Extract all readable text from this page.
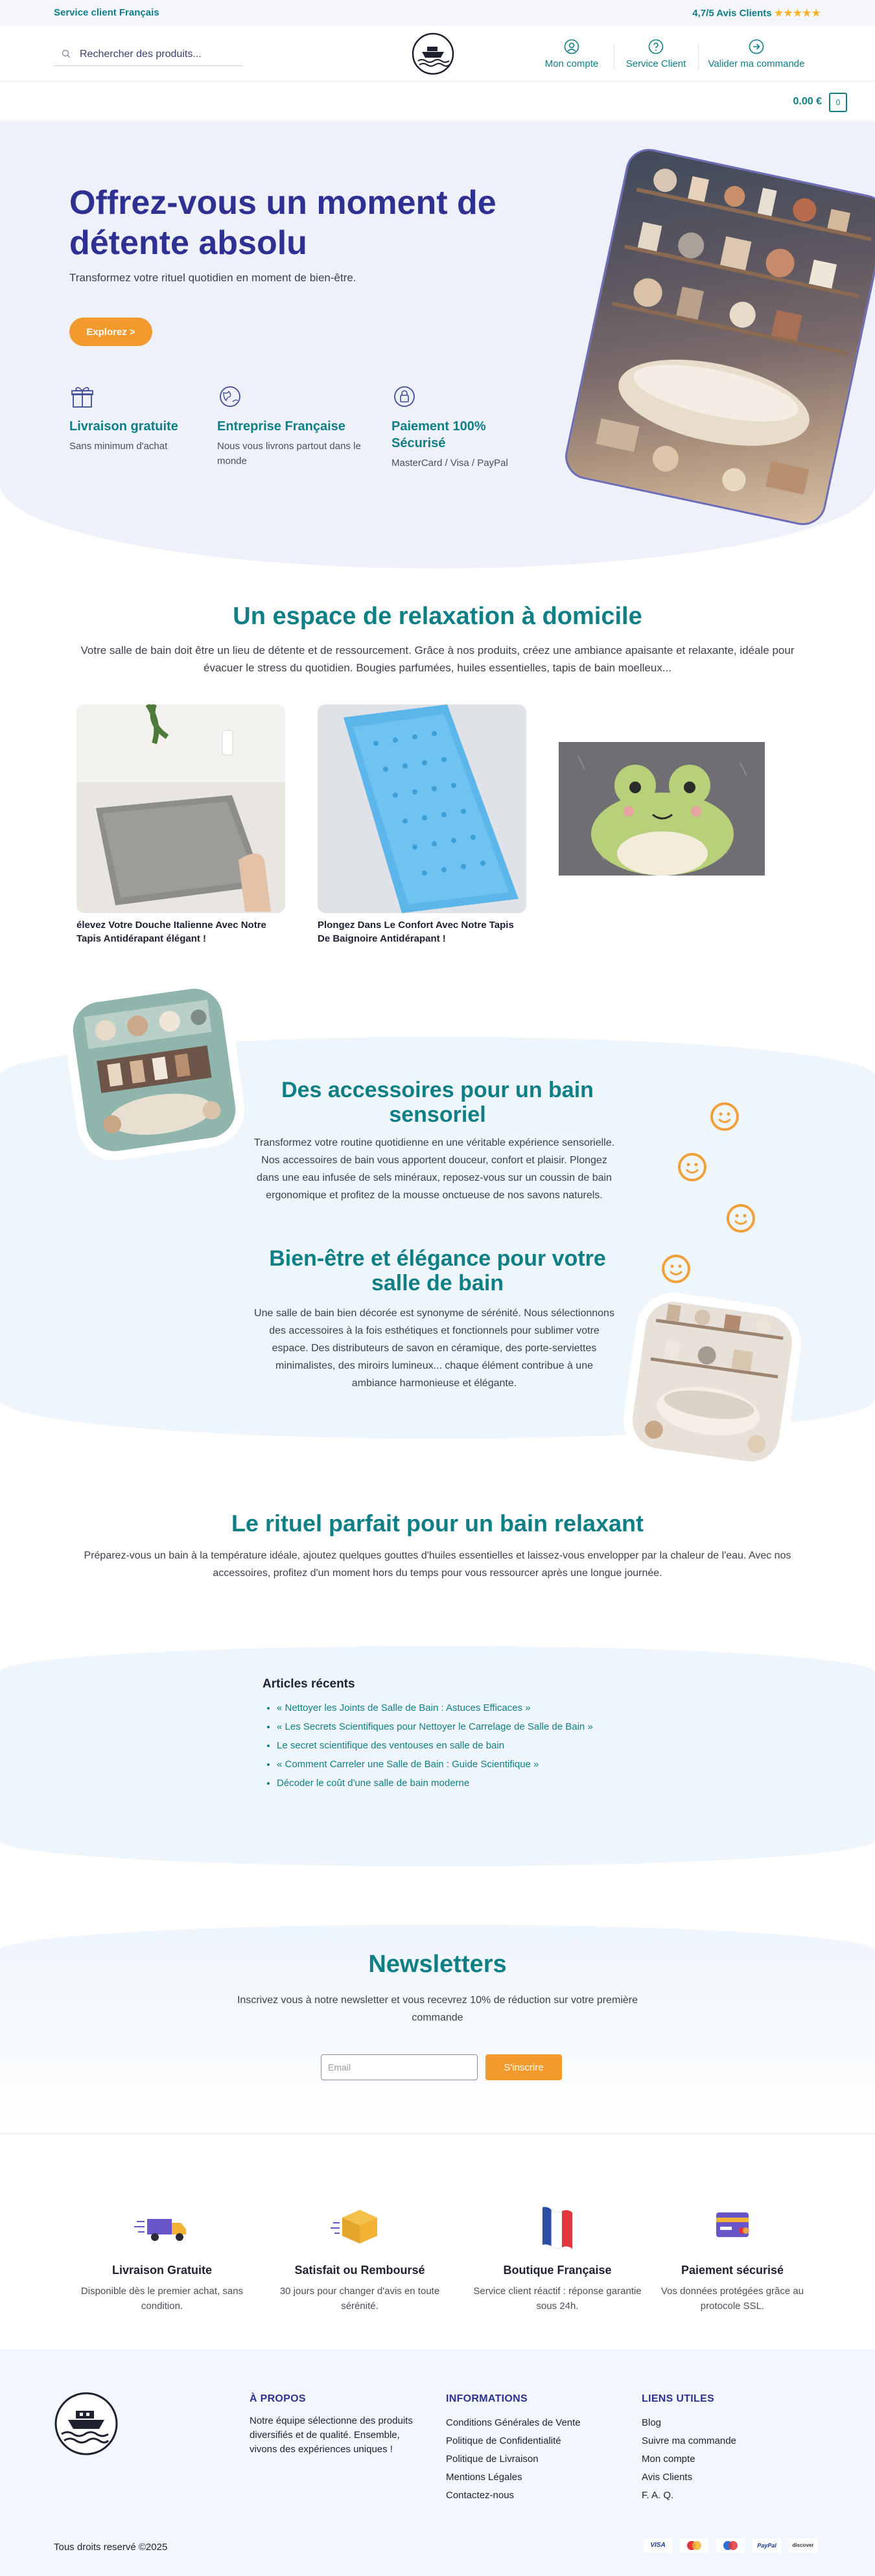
Service client Français	4,7/5 Avis Clients ★★★★★
Rechercher des produits...
Mon compte	Service Client	Valider ma commande
0.00 €	0
Offrez-vous un moment de détente absolu
Transformez votre rituel quotidien en moment de bien-être.
Explorez >
Livraison gratuite
Sans minimum d'achat
Entreprise Française
Nous vous livrons partout dans le monde
Paiement 100% Sécurisé
MasterCard / Visa / PayPal
Un espace de relaxation à domicile
Votre salle de bain doit être un lieu de détente et de ressourcement. Grâce à nos produits, créez une ambiance apaisante et relaxante, idéale pour évacuer le stress du quotidien. Bougies parfumées, huiles essentielles, tapis de bain moelleux...
élevez Votre Douche Italienne Avec Notre Tapis Antidérapant élégant !
Plongez Dans Le Confort Avec Notre Tapis De Baignoire Antidérapant !
Des accessoires pour un bain sensoriel
Transformez votre routine quotidienne en une véritable expérience sensorielle. Nos accessoires de bain vous apportent douceur, confort et plaisir. Plongez dans une eau infusée de sels minéraux, reposez-vous sur un coussin de bain ergonomique et profitez de la mousse onctueuse de nos savons naturels.
Bien-être et élégance pour votre salle de bain
Une salle de bain bien décorée est synonyme de sérénité. Nous sélectionnons des accessoires à la fois esthétiques et fonctionnels pour sublimer votre espace. Des distributeurs de savon en céramique, des porte-serviettes minimalistes, des miroirs lumineux... chaque élément contribue à une ambiance harmonieuse et élégante.
Le rituel parfait pour un bain relaxant
Préparez-vous un bain à la température idéale, ajoutez quelques gouttes d'huiles essentielles et laissez-vous envelopper par la chaleur de l'eau. Avec nos accessoires, profitez d'un moment hors du temps pour vous ressourcer après une longue journée.
Articles récents
• « Nettoyer les Joints de Salle de Bain : Astuces Efficaces »
• « Les Secrets Scientifiques pour Nettoyer le Carrelage de Salle de Bain »
• Le secret scientifique des ventouses en salle de bain
• « Comment Carreler une Salle de Bain : Guide Scientifique »
• Décoder le coût d'une salle de bain moderne
Newsletters
Inscrivez vous à notre newsletter et vous recevrez 10% de réduction sur votre première commande
Email
S'inscrire
Livraison Gratuite
Disponible dès le premier achat, sans condition.
Satisfait ou Remboursé
30 jours pour changer d'avis en toute sérénité.
Boutique Française
Service client réactif : réponse garantie sous 24h.
Paiement sécurisé
Vos données protégées grâce au protocole SSL.
À PROPOS
Notre équipe sélectionne des produits diversifiés et de qualité. Ensemble, vivons des expériences uniques !
INFORMATIONS
Conditions Générales de Vente
Politique de Confidentialité
Politique de Livraison
Mentions Légales
Contactez-nous
LIENS UTILES
Blog
Suivre ma commande
Mon compte
Avis Clients
F. A. Q.
Tous droits reservé ©2025	VISA	PayPal	discover
